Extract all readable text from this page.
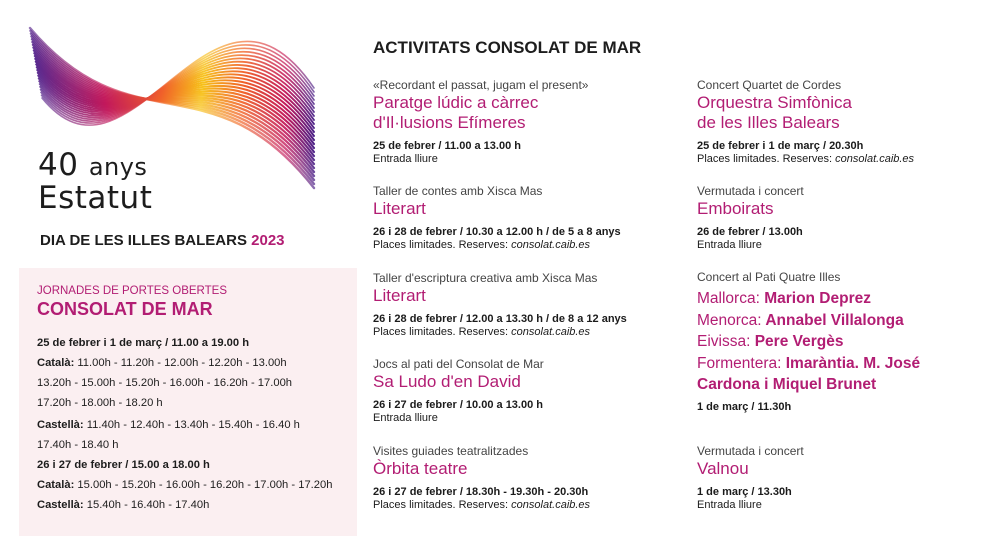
40 anys
Estatut
DIA DE LES ILLES BALEARS 2023
JORNADES DE PORTES OBERTES
CONSOLAT DE MAR
25 de febrer i 1 de març / 11.00 a 19.00 h
Català: 11.00h - 11.20h - 12.00h - 12.20h - 13.00h
13.20h - 15.00h - 15.20h - 16.00h - 16.20h - 17.00h
17.20h - 18.00h - 18.20 h
Castellà: 11.40h - 12.40h - 13.40h - 15.40h - 16.40 h
17.40h - 18.40 h
26 i 27 de febrer / 15.00 a 18.00 h
Català: 15.00h - 15.20h - 16.00h - 16.20h - 17.00h - 17.20h
Castellà: 15.40h - 16.40h - 17.40h
ACTIVITATS CONSOLAT DE MAR
«Recordant el passat, jugam el present»
Paratge lúdic a càrrec
d'Il·lusions Efímeres
25 de febrer / 11.00 a 13.00 h
Entrada lliure
Taller de contes amb Xisca Mas
Literart
26 i 28 de febrer / 10.30 a 12.00 h / de 5 a 8 anys
Places limitades. Reserves: consolat.caib.es
Taller d'escriptura creativa amb Xisca Mas
Literart
26 i 28 de febrer / 12.00 a 13.30 h / de 8 a 12 anys
Places limitades. Reserves: consolat.caib.es
Jocs al pati del Consolat de Mar
Sa Ludo d'en David
26 i 27 de febrer / 10.00 a 13.00 h
Entrada lliure
Visites guiades teatralitzades
Òrbita teatre
26 i 27 de febrer / 18.30h - 19.30h - 20.30h
Places limitades. Reserves: consolat.caib.es
Concert Quartet de Cordes
Orquestra Simfònica
de les Illes Balears
25 de febrer i 1 de març / 20.30h
Places limitades. Reserves: consolat.caib.es
Vermutada i concert
Emboirats
26 de febrer / 13.00h
Entrada lliure
Vermutada i concert
Valnou
1 de març / 13.30h
Entrada lliure
Concert al Pati Quatre Illes
Mallorca: Marion Deprez
Menorca: Annabel Villalonga
Eivissa: Pere Vergès
Formentera: Imaràntia. M. José
Cardona i Miquel Brunet
1 de març / 11.30h
